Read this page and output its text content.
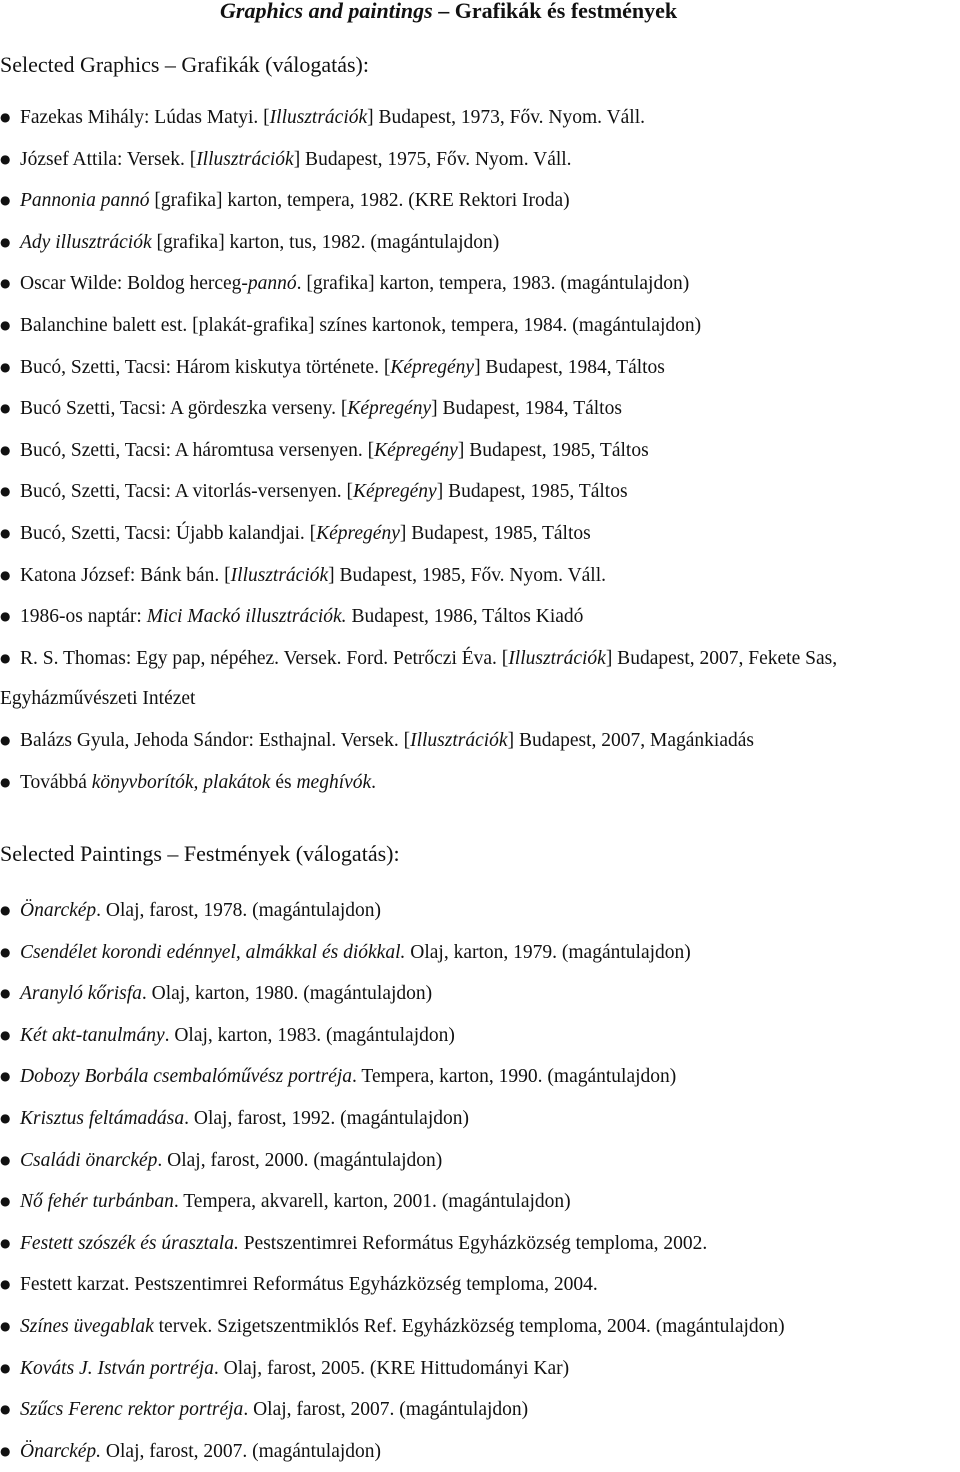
Graphics and paintings – Grafikák és festmények
Selected Graphics – Grafikák (válogatás):
● Fazekas Mihály: Lúdas Matyi. [Illusztrációk] Budapest, 1973, Főv. Nyom. Váll.
● József Attila: Versek. [Illusztrációk] Budapest, 1975, Főv. Nyom. Váll.
● Pannonia pannó [grafika] karton, tempera, 1982. (KRE Rektori Iroda)
● Ady illusztrációk [grafika] karton, tus, 1982. (magántulajdon)
● Oscar Wilde: Boldog herceg-pannó. [grafika] karton, tempera, 1983. (magántulajdon)
● Balanchine balett est. [plakát-grafika] színes kartonok, tempera, 1984. (magántulajdon)
● Bucó, Szetti, Tacsi: Három kiskutya története. [Képregény] Budapest, 1984, Táltos
● Bucó Szetti, Tacsi: A gördeszka verseny. [Képregény] Budapest, 1984, Táltos
● Bucó, Szetti, Tacsi: A háromtusa versenyen. [Képregény] Budapest, 1985, Táltos
● Bucó, Szetti, Tacsi: A vitorlás-versenyen. [Képregény] Budapest, 1985, Táltos
● Bucó, Szetti, Tacsi: Újabb kalandjai. [Képregény] Budapest, 1985, Táltos
● Katona József: Bánk bán. [Illusztrációk] Budapest, 1985, Főv. Nyom. Váll.
● 1986-os naptár: Mici Mackó illusztrációk. Budapest, 1986, Táltos Kiadó
● R. S. Thomas: Egy pap, népéhez. Versek. Ford. Petrőczi Éva. [Illusztrációk] Budapest, 2007, Fekete Sas, Egyházművészeti Intézet
● Balázs Gyula, Jehoda Sándor: Esthajnal. Versek. [Illusztrációk] Budapest, 2007, Magánkiadás
● Továbbá könyvborítók, plakátok és meghívók.
Selected Paintings – Festmények (válogatás):
● Önarckép. Olaj, farost, 1978. (magántulajdon)
● Csendélet korondi edénnyel, almákkal és diókkal. Olaj, karton, 1979. (magántulajdon)
● Aranyló kőrisfa. Olaj, karton, 1980. (magántulajdon)
● Két akt-tanulmány. Olaj, karton, 1983. (magántulajdon)
● Dobozy Borbála csembalóművész portréja. Tempera, karton, 1990. (magántulajdon)
● Krisztus feltámadása. Olaj, farost, 1992. (magántulajdon)
● Családi önarckép. Olaj, farost, 2000. (magántulajdon)
● Nő fehér turbánban. Tempera, akvarell, karton, 2001. (magántulajdon)
● Festett szószék és úrasztala. Pestszentimrei Református Egyházközség temploma, 2002.
● Festett karzat. Pestszentimrei Református Egyházközség temploma, 2004.
● Színes üvegablak tervek. Szigetszentmiklós Ref. Egyházközség temploma, 2004. (magántulajdon)
● Kováts J. István portréja. Olaj, farost, 2005. (KRE Hittudományi Kar)
● Szűcs Ferenc rektor portréja. Olaj, farost, 2007. (magántulajdon)
● Önarckép. Olaj, farost, 2007. (magántulajdon)
